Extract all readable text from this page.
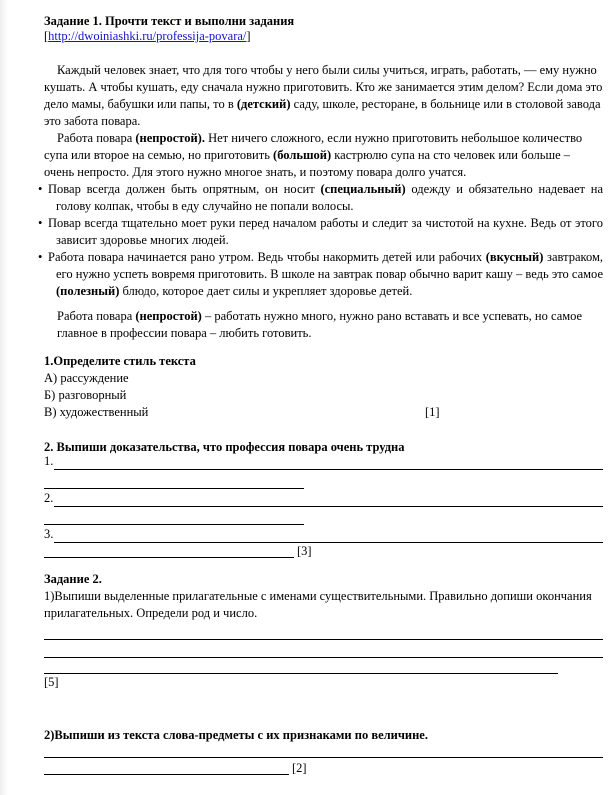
Задание 1. Прочти текст и выполни задания
[http://dwoiniashki.ru/professija-povara/]

Каждый человек знает, что для того чтобы у него были силы учиться, играть, работать, — ему нужно кушать. А чтобы кушать, еду сначала нужно приготовить. Кто же занимается этим делом? Если дома это дело мамы, бабушки или папы, то в (детский) саду, школе, ресторане, в больнице или в столовой завода это забота повара.

Работа повара (непростой). Нет ничего сложного, если нужно приготовить небольшое количество супа или второе на семью, но приготовить (большой) кастрюлю супа на сто человек или больше – очень непросто. Для этого нужно многое знать, и поэтому повара долго учатся.

•

Повар всегда должен быть опрятным, он носит (специальный) одежду и обязательно надевает на голову колпак, чтобы в еду случайно не попали волосы.

•

Повар всегда тщательно моет руки перед началом работы и следит за чистотой на кухне. Ведь от этого зависит здоровье многих людей.

•

Работа повара начинается рано утром. Ведь чтобы накормить детей или рабочих (вкусный) завтраком, его нужно успеть вовремя приготовить. В школе на завтрак повар обычно варит кашу – ведь это самое (полезный) блюдо, которое дает силы и укрепляет здоровье детей.

Работа повара (непростой) – работать нужно много, нужно рано вставать и все успевать, но самое главное в профессии повара – любить готовить.

1.Определите стиль текста
А) рассуждение
Б) разговорный
В) художественный	[1]
2. Выпиши доказательства, что профессия повара очень трудна
1.
2.
3.
[3]
Задание 2.

1)Выпиши выделенные прилагательные с именами существительными. Правильно допиши окончания прилагательных. Определи род и число.

[5]
2)Выпиши из текста слова-предметы с их признаками по величине.
[2]
